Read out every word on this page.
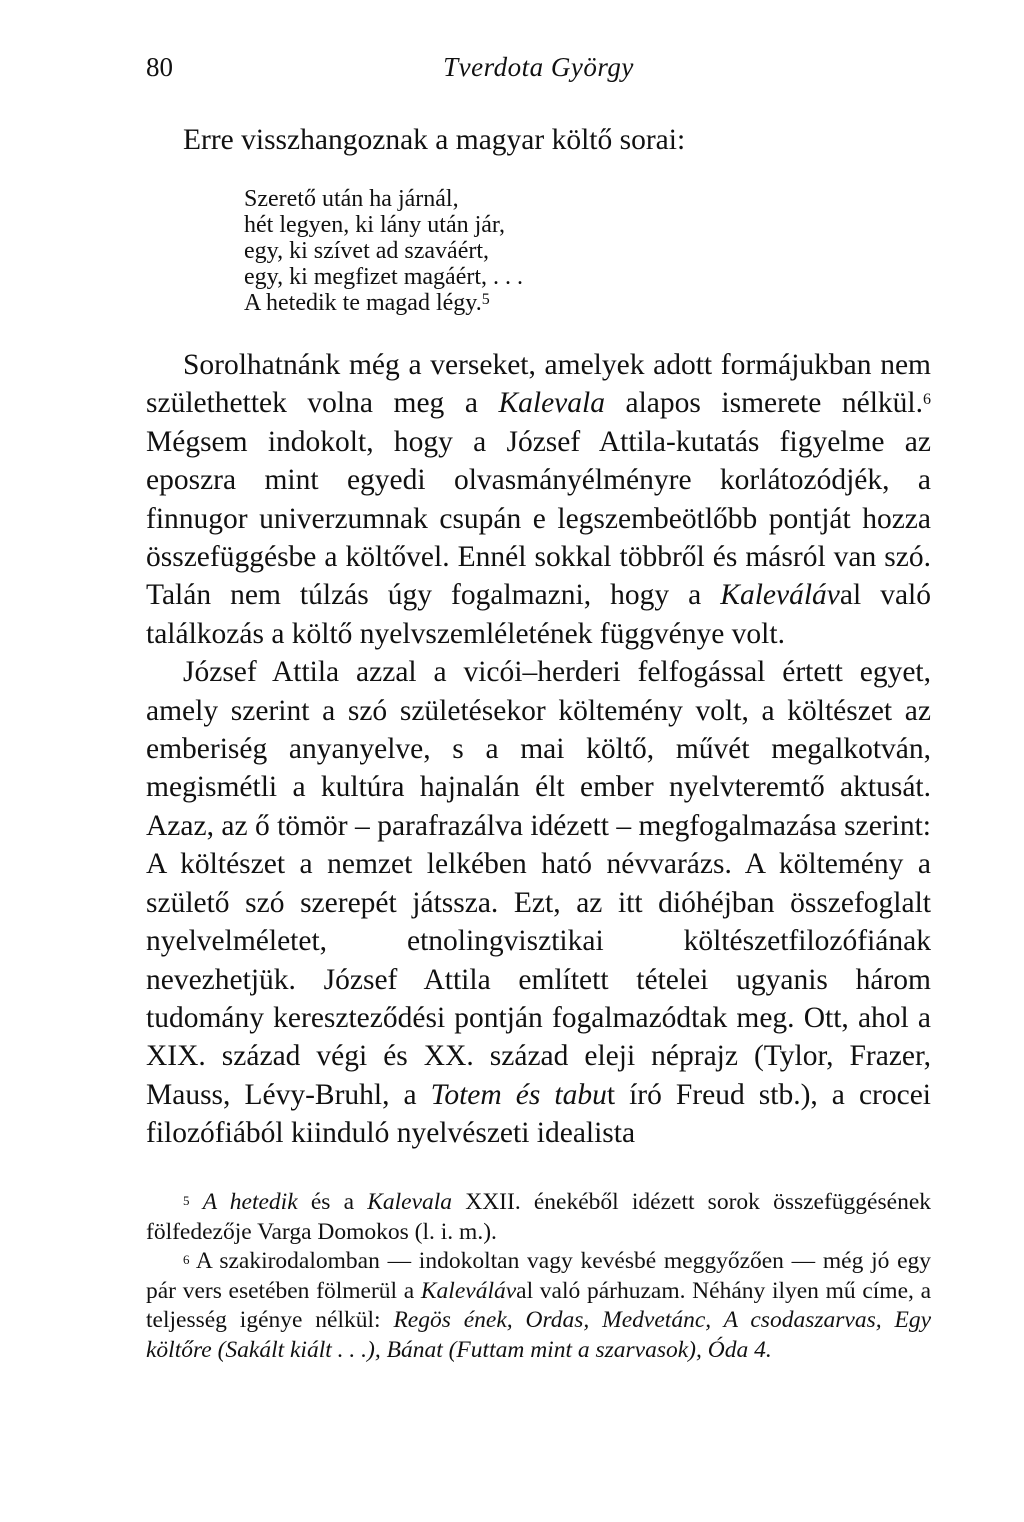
80	Tverdota György

Erre visszhangoznak a magyar költő sorai:

Szerető után ha járnál,
hét legyen, ki lány után jár,
egy, ki szívet ad szaváért,
egy, ki megfizet magáért, . . .
A hetedik te magad légy.$^5$

Sorolhatnánk még a verseket, amelyek adott formájukban nem születhettek volna meg a Kalevala alapos ismerete nélkül.$^6$ Mégsem indokolt, hogy a József Attila-kutatás figyelme az eposzra mint egyedi olvasmányélményre korlátozódjék, a finnugor univerzumnak csupán e legszembeötlőbb pontját hozza összefüggésbe a költővel. Ennél sokkal többről és másról van szó. Talán nem túlzás úgy fogalmazni, hogy a Kaleválával való találkozás a költő nyelvszemléletének függvénye volt.

József Attila azzal a vicói–herderi felfogással értett egyet, amely szerint a szó születésekor költemény volt, a költészet az emberiség anyanyelve, s a mai költő, művét megalkotván, megismétli a kultúra hajnalán élt ember nyelvteremtő aktusát. Azaz, az ő tömör – parafrazálva idézett – megfogalmazása szerint: A költészet a nemzet lelkében ható névvarázs. A költemény a születő szó szerepét játssza. Ezt, az itt dióhéjban összefoglalt nyelvelméletet, etnolingvisztikai költészetfilozófiának nevezhetjük. József Attila említett tételei ugyanis három tudomány kereszteződési pontján fogalmazódtak meg. Ott, ahol a XIX. század végi és XX. század eleji néprajz (Tylor, Frazer, Mauss, Lévy-Bruhl, a Totem és tabut író Freud stb.), a crocei filozófiából kiinduló nyelvészeti idealista

$^5$ A hetedik és a Kalevala XXII. énekéből idézett sorok összefüggésének fölfedezője Varga Domokos (l. i. m.).

$^6$ A szakirodalomban — indokoltan vagy kevésbé meggyőzően — még jó egy pár vers esetében fölmerül a Kaleválával való párhuzam. Néhány ilyen mű címe, a teljesség igénye nélkül: Regös ének, Ordas, Medvetánc, A csodaszarvas, Egy költőre (Sakált kiált . . .), Bánat (Futtam mint a szarvasok), Óda 4.
